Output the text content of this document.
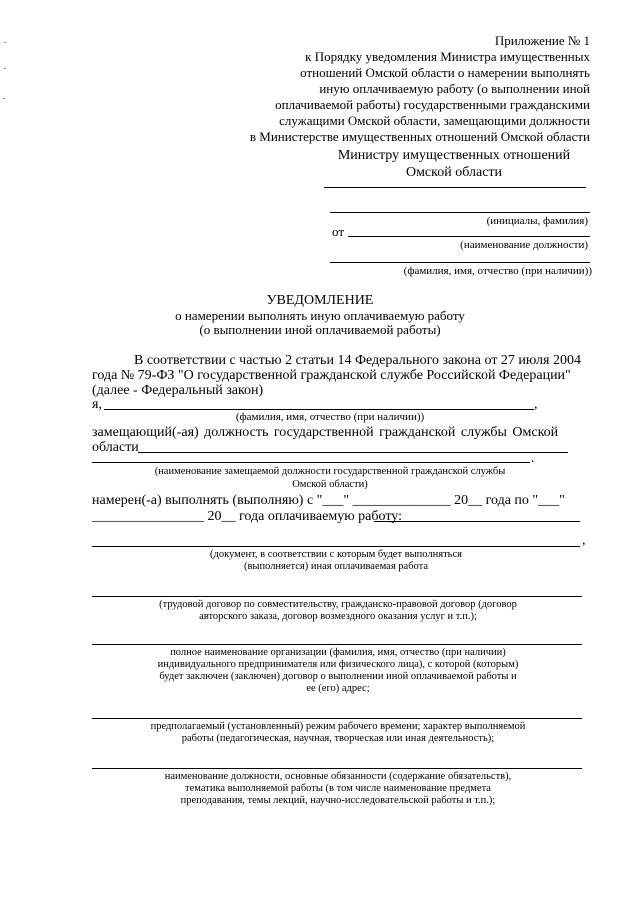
Приложение № 1
к Порядку уведомления Министра имущественных
отношений Омской области о намерении выполнять
иную оплачиваемую работу (о выполнении иной
оплачиваемой работы) государственными гражданскими
служащими Омской области, замещающими должности
в Министерстве имущественных отношений Омской области
Министру имущественных отношений
Омской области
(инициалы, фамилия)
от
(наименование должности)
(фамилия, имя, отчество (при наличии))
УВЕДОМЛЕНИЕ
о намерении выполнять иную оплачиваемую работу
(о выполнении иной оплачиваемой работы)
В соответствии с частью 2 статьи 14 Федерального закона от 27 июля 2004
года № 79-ФЗ "О государственной гражданской службе Российской Федерации"
(далее - Федеральный закон)
я,	,
(фамилия, имя, отчество (при наличии))
замещающий(-ая) должность государственной гражданской службы Омской
области
.
(наименование замещаемой должности государственной гражданской службы
Омской области)
намерен(-а) выполнять (выполняю) с "___" ______________ 20__ года по "___"
________________ 20__ года оплачиваемую работу:
,
(документ, в соответствии с которым будет выполняться
(выполняется) иная оплачиваемая работа
(трудовой договор по совместительству, гражданско-правовой договор (договор
авторского заказа, договор возмездного оказания услуг и т.п.);
полное наименование организации (фамилия, имя, отчество (при наличии)
индивидуального предпринимателя или физического лица), с которой (которым)
будет заключен (заключен) договор о выполнении иной оплачиваемой работы и
ее (его) адрес;
предполагаемый (установленный) режим рабочего времени; характер выполняемой
работы (педагогическая, научная, творческая или иная деятельность);
наименование должности, основные обязанности (содержание обязательств),
тематика выполняемой работы (в том числе наименование предмета
преподавания, темы лекций, научно-исследовательской работы и т.п.);
